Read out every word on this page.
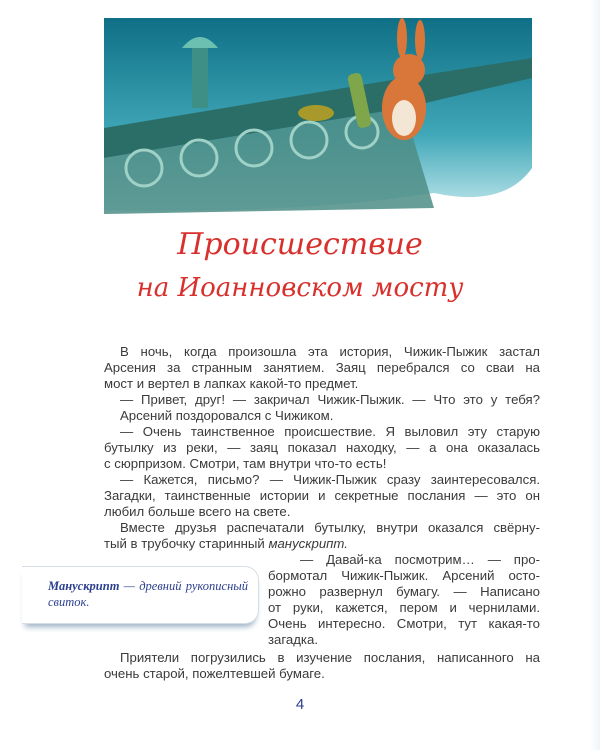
Происшествие
на Иоанновском мосту
В ночь, когда произошла эта история, Чижик-Пыжик застал
Арсения за странным занятием. Заяц перебрался со сваи на
мост и вертел в лапках какой-то предмет.
— Привет, друг! — закричал Чижик-Пыжик. — Что это у тебя?
Арсений поздоровался с Чижиком.
— Очень таинственное происшествие. Я выловил эту старую
бутылку из реки, — заяц показал находку, — а она оказалась
с сюрпризом. Смотри, там внутри что-то есть!
— Кажется, письмо? — Чижик-Пыжик сразу заинтересовался.
Загадки, таинственные истории и секретные послания — это он
любил больше всего на свете.
Вместе друзья распечатали бутылку, внутри оказался свёрну-
тый в трубочку старинный манускрипт.
— Давай-ка посмотрим… — про-
бормотал Чижик-Пыжик. Арсений осто-
рожно развернул бумагу. — Написано
от руки, кажется, пером и чернилами.
Очень интересно. Смотри, тут какая-то
загадка.
Манускрипт — древний рукописный свиток.
Приятели погрузились в изучение послания, написанного на
очень старой, пожелтевшей бумаге.
4
